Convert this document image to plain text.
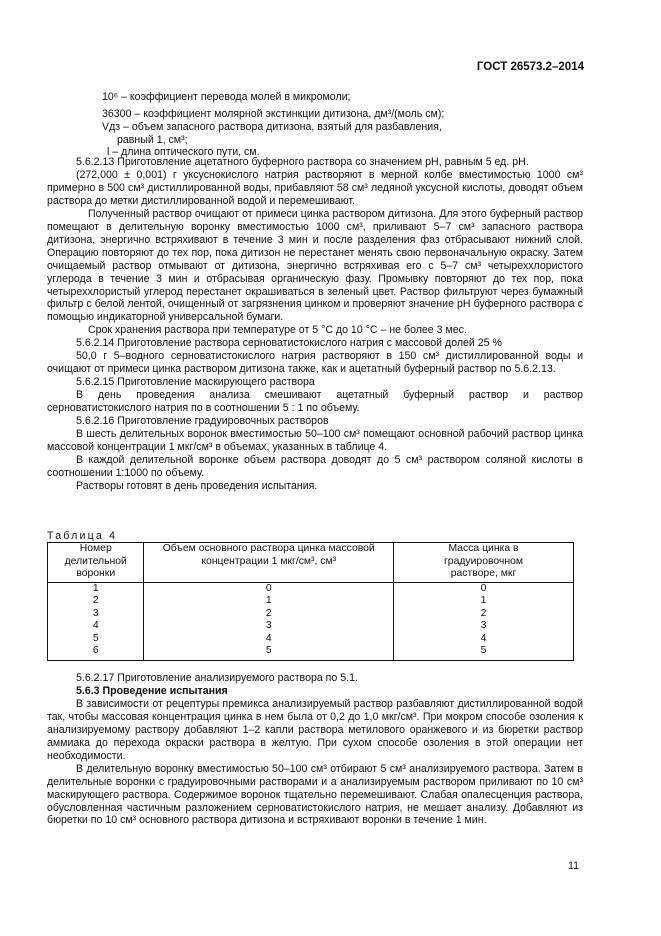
ГОСТ 26573.2–2014
10⁶ – коэффициент перевода молей в микромоли;
36300 – коэффициент молярной экстинкции дитизона, дм³/(моль см);
Vдз – объем запасного раствора дитизона, взятый для разбавления,
равный 1, см³;
l – длина оптического пути, см.

5.6.2.13 Приготовление ацетатного буферного раствора со значением pH, равным 5 ед. pH.

(272,000 ± 0,001) г уксуснокислого натрия растворяют в мерной колбе вместимостью 1000 см³ примерно в 500 см³ дистиллированной воды, прибавляют 58 см³ ледяной уксусной кислоты, доводят объем раствора до метки дистиллированной водой и перемешивают.

Полученный раствор очищают от примеси цинка раствором дитизона. Для этого буферный раствор помещают в делительную воронку вместимостью 1000 см³, приливают 5–7 см³ запасного раствора дитизона, энергично встряхивают в течение 3 мин и после разделения фаз отбрасывают нижний слой. Операцию повторяют до тех пор, пока дитизон не перестанет менять свою первоначальную окраску. Затем очищаемый раствор отмывают от дитизона, энергично встряхивая его с 5–7 см³ четыреххлористого углерода в течение 3 мин и отбрасывая органическую фазу. Промывку повторяют до тех пор, пока четыреххлористый углерод перестанет окрашиваться в зеленый цвет. Раствор фильтруют через бумажный фильтр с белой лентой, очищенный от загрязнения цинком и проверяют значение pH буферного раствора с помощью индикаторной универсальной бумаги.

Срок хранения раствора при температуре от 5 °С до 10 °С – не более 3 мес.

5.6.2.14 Приготовление раствора серноватистокислого натрия с массовой долей 25 %

50,0 г 5–водного серноватистокислого натрия растворяют в 150 см³ дистиллированной воды и очищают от примеси цинка раствором дитизона также, как и ацетатный буферный раствор по 5.6.2.13.

5.6.2.15 Приготовление маскирующего раствора

В день проведения анализа смешивают ацетатный буферный раствор и раствор серноватистокислого натрия по в соотношении 5 : 1 по объему.

5.6.2.16 Приготовление градуировочных растворов

В шесть делительных воронок вместимостью 50–100 см³ помещают основной рабочий раствор цинка массовой концентрации 1 мкг/см³ в объемах, указанных в таблице 4.

В каждой делительной воронке объем раствора доводят до 5 см³ раствором соляной кислоты в соотношении 1:1000 по объему.

Растворы готовят в день проведения испытания.

Таблица 4
Номер делительной воронки	Объем основного раствора цинка массовой концентрации 1 мкг/см³, см³	Масса цинка в градуировочном растворе, мкг
1	0	0
2	1	1
3	2	2
4	3	3
5	4	4
6	5	5

5.6.2.17 Приготовление анализируемого раствора по 5.1.

5.6.3 Проведение испытания

В зависимости от рецептуры премикса анализируемый раствор разбавляют дистиллированной водой так, чтобы массовая концентрация цинка в нем была от 0,2 до 1,0 мкг/см³. При мокром способе озоления к анализируемому раствору добавляют 1–2 капли раствора метилового оранжевого и из бюретки раствор аммиака до перехода окраски раствора в желтую. При сухом способе озоления в этой операции нет необходимости.

В делительную воронку вместимостью 50–100 см³ отбирают 5 см³ анализируемого раствора. Затем в делительные воронки с градуировочными растворами и а анализируемым раствором приливают по 10 см³ маскирующего раствора. Содержимое воронок тщательно перемешивают. Слабая опалесценция раствора, обусловленная частичным разложением серноватистокислого натрия, не мешает анализу. Добавляют из бюретки по 10 см³ основного раствора дитизона и встряхивают воронки в течение 1 мин.

11
